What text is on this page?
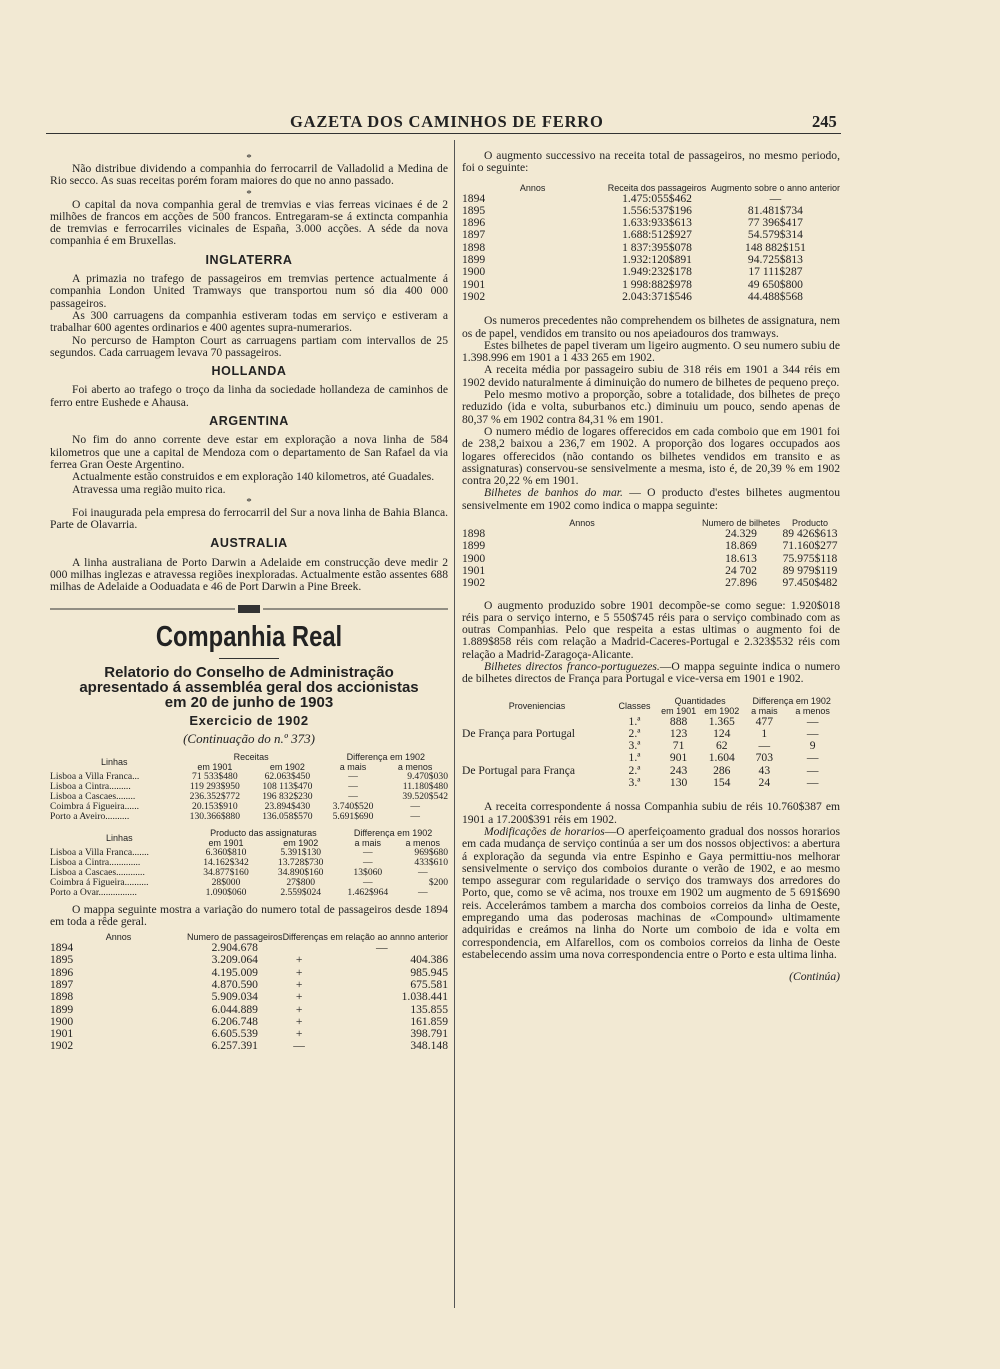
GAZETA DOS CAMINHOS DE FERRO	245

*

Não distribue dividendo a companhia do ferrocarril de Valladolid a Medina de Rio secco. As suas receitas porém foram maiores do que no anno passado.

*

O capital da nova companhia geral de tremvias e vias ferreas vicinaes é de 2 milhões de francos em acções de 500 francos. Entregaram-se á extincta companhia de tremvias e ferrocarriles vicinales de España, 3.000 acções. A séde da nova companhia é em Bruxellas.

INGLATERRA

A primazia no trafego de passageiros em tremvias pertence actualmente á companhia London United Tramways que transportou num só dia 400 000 passageiros.

As 300 carruagens da companhia estiveram todas em serviço e estiveram a trabalhar 600 agentes ordinarios e 400 agentes supra-numerarios.

No percurso de Hampton Court as carruagens partiam com intervallos de 25 segundos. Cada carruagem levava 70 passageiros.

HOLLANDA

Foi aberto ao trafego o troço da linha da sociedade hollandeza de caminhos de ferro entre Eushede e Ahausa.

ARGENTINA

No fim do anno corrente deve estar em exploração a nova linha de 584 kilometros que une a capital de Mendoza com o departamento de San Rafael da via ferrea Gran Oeste Argentino.

Actualmente estão construidos e em exploração 140 kilometros, até Guadales.

Atravessa uma região muito rica.

*

Foi inaugurada pela empresa do ferrocarril del Sur a nova linha de Bahia Blanca. Parte de Olavarria.

AUSTRALIA

A linha australiana de Porto Darwin a Adelaide em construcção deve medir 2 000 milhas inglezas e atravessa regiões inexploradas. Actualmente estão assentes 688 milhas de Adelaide a Ooduadata e 46 de Port Darwin a Pine Breek.

Companhia Real

Relatorio do Conselho de Administração

apresentado á assembléa geral dos accionistas

em 20 de junho de 1903

Exercicio de 1902

(Continuação do n.º 373)

Linhas	Receitas		Differença em 1902	
	em 1901	em 1902	a mais	a menos
Lisboa a Villa Franca...	71 533$480	62.063$450	—	9.470$030
Lisboa a Cintra.........	119 293$950	108 113$470	—	11.180$480
Lisboa a Cascaes........	236.352$772	196 832$230	—	39.520$542
Coimbra á Figueira......	20.153$910	23.894$430	3.740$520	—
Porto a Aveiro..........	130.366$880	136.058$570	5.691$690	—
Linhas	Producto das assignaturas		Differença em 1902	
	em 1901	em 1902	a mais	a menos
Lisboa a Villa Franca.......	6.360$810	5.391$130	—	969$680
Lisboa a Cintra.............	14.162$342	13.728$730	—	433$610
Lisboa a Cascaes............	34.877$160	34.890$160	13$060	—
Coimbra á Figueira..........	28$000	27$800	—	$200
Porto a Ovar................	1.090$060	2.559$024	1.462$964	—

O mappa seguinte mostra a variação do numero total de passageiros desde 1894 em toda a rêde geral.

Annos	Numero de passageiros	Differenças em relação ao annno anterior	
1894	2.904.678		—
1895	3.209.064	+	404.386
1896	4.195.009	+	985.945
1897	4.870.590	+	675.581
1898	5.909.034	+	1.038.441
1899	6.044.889	+	135.855
1900	6.206.748	+	161.859
1901	6.605.539	+	398.791
1902	6.257.391	—	348.148

O augmento successivo na receita total de passageiros, no mesmo periodo, foi o seguinte:

Annos	Receita dos passageiros	Augmento sobre o anno anterior
1894	1.475:055$462	—
1895	1.556:537$196	81.481$734
1896	1.633:933$613	77 396$417
1897	1.688:512$927	54.579$314
1898	1 837:395$078	148 882$151
1899	1.932:120$891	94.725$813
1900	1.949:232$178	17 111$287
1901	1 998:882$978	49 650$800
1902	2.043:371$546	44.488$568

Os numeros precedentes não comprehendem os bilhetes de assignatura, nem os de papel, vendidos em transito ou nos apeiadouros dos tramways.

Estes bilhetes de papel tiveram um ligeiro augmento. O seu numero subiu de 1.398.996 em 1901 a 1 433 265 em 1902.

A receita média por passageiro subiu de 318 réis em 1901 a 344 réis em 1902 devido naturalmente á diminuição do numero de bilhetes de pequeno preço.

Pelo mesmo motivo a proporção, sobre a totalidade, dos bilhetes de preço reduzido (ida e volta, suburbanos etc.) diminuiu um pouco, sendo apenas de 80,37 % em 1902 contra 84,31 % em 1901.

O numero médio de logares offerecidos em cada comboio que em 1901 foi de 238,2 baixou a 236,7 em 1902. A proporção dos logares occupados aos logares offerecidos (não contando os bilhetes vendidos em transito e as assignaturas) conservou-se sensivelmente a mesma, isto é, de 20,39 % em 1902 contra 20,22 % em 1901.

Bilhetes de banhos do mar. — O producto d'estes bilhetes augmentou sensivelmente em 1902 como indica o mappa seguinte:

Annos	Numero de bilhetes	Producto
1898	24.329	89 426$613
1899	18.869	71.160$277
1900	18.613	75.975$118
1901	24 702	89 979$119
1902	27.896	97.450$482

O augmento produzido sobre 1901 decompõe-se como segue: 1.920$018 réis para o serviço interno, e 5 550$745 réis para o serviço combinado com as outras Companhias. Pelo que respeita a estas ultimas o augmento foi de 1.889$858 réis com relação a Madrid-Caceres-Portugal e 2.323$532 réis com relação a Madrid-Zaragoça-Alicante.

Bilhetes directos franco-portuguezes.—O mappa seguinte indica o numero de bilhetes directos de França para Portugal e vice-versa em 1901 e 1902.

Proveniencias	Classes	Quantidades		Differença em 1902	
		em 1901	em 1902	a mais	a menos
De França para Portugal	1.ª	888	1.365	477	—
	2.ª	123	124	1	—
	3.ª	71	62	—	9
De Portugal para França	1.ª	901	1.604	703	—
	2.ª	243	286	43	—
	3.ª	130	154	24	—

A receita correspondente á nossa Companhia subiu de réis 10.760$387 em 1901 a 17.200$391 réis em 1902.

Modificações de horarios—O aperfeiçoamento gradual dos nossos horarios em cada mudança de serviço continúa a ser um dos nossos objectivos: a abertura á exploração da segunda via entre Espinho e Gaya permittiu-nos melhorar sensivelmente o serviço dos comboios durante o verão de 1902, e ao mesmo tempo assegurar com regularidade o serviço dos tramways dos arredores do Porto, que, como se vê acima, nos trouxe em 1902 um augmento de 5 691$690 reis. Accelerámos tambem a marcha dos comboios correios da linha de Oeste, empregando uma das poderosas machinas de «Compound» ultimamente adquiridas e creámos na linha do Norte um comboio de ida e volta em correspondencia, em Alfarellos, com os comboios correios da linha de Oeste estabelecendo assim uma nova correspondencia entre o Porto e esta ultima linha.

(Continúa)
